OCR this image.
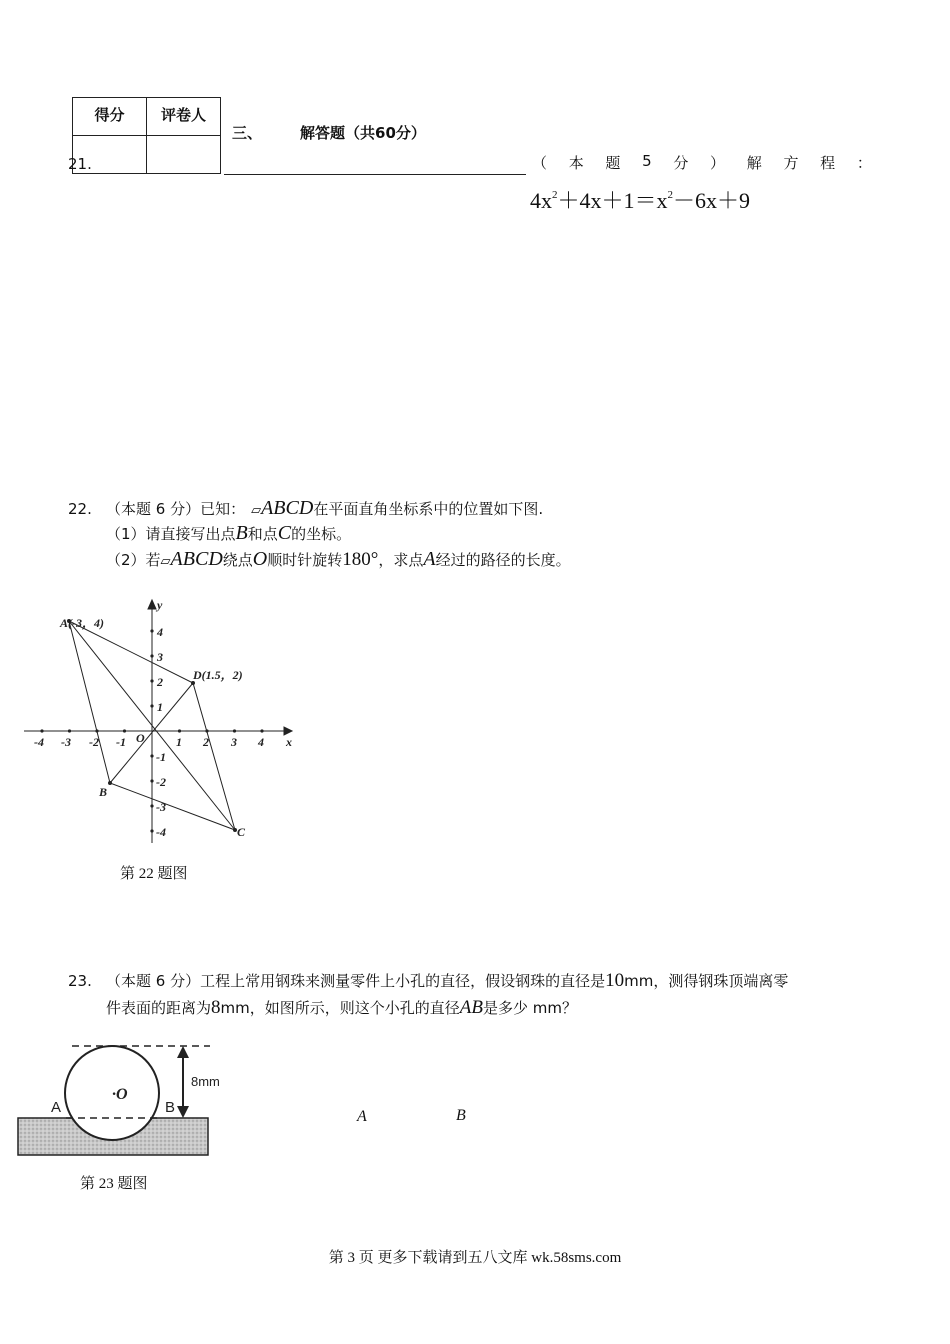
得分	评卷人

三、	解答题（共60分）
21.	（ 本 题 5 分 ） 解 方 程 ：
$4x^2+4x+1=x^2-6x+9$
22. （本题 6 分）已知： ▱ABCD在平面直角坐标系中的位置如下图.
（1）请直接写出点B和点C的坐标。
（2）若▱ABCD绕点O顺时针旋转180°，求点A经过的路径的长度。
A(-3，4)
D(1.5，2)
B
C
O	x
y
-4 -3 -2 -1	1 2 3 4
4
3
2
1
-1
-2
-3
-4
第 22 题图
23. （本题 6 分）工程上常用钢珠来测量零件上小孔的直径，假设钢珠的直径是10mm，测得钢珠顶端离零
件表面的距离为8mm，如图所示，则这个小孔的直径AB是多少 mm？
8mm
A	B
·O
第 23 题图
A	B
第 3 页 更多下载请到五八文库 wk.58sms.com
